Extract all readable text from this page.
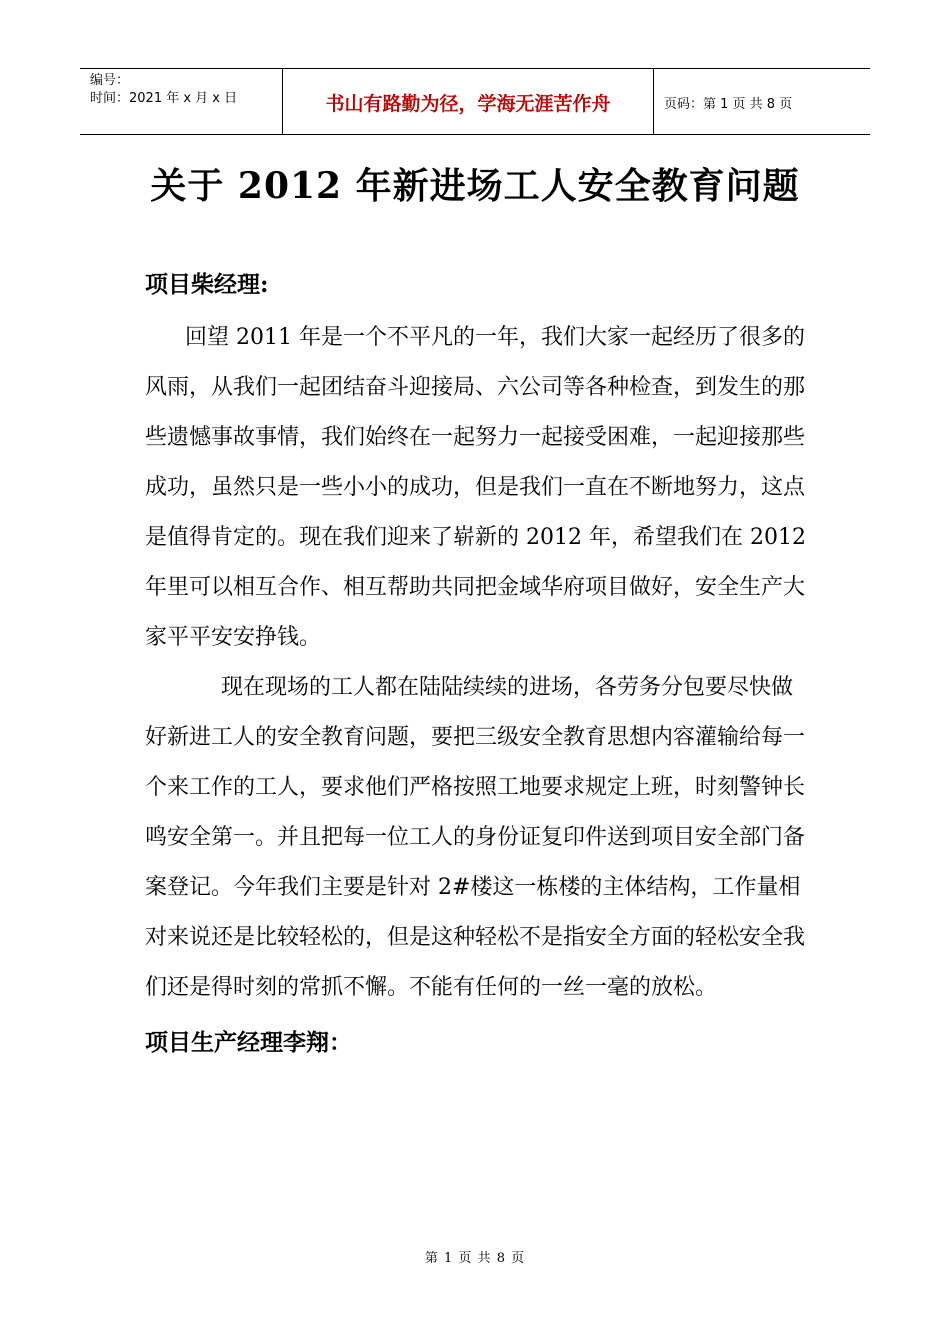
编号：
时间：2021 年 x 月 x 日	书山有路勤为径，学海无涯苦作舟	页码：第 1 页 共 8 页
关于 2012 年新进场工人安全教育问题
项目柴经理:

回望 2011 年是一个不平凡的一年，我们大家一起经历了很多的风雨，从我们一起团结奋斗迎接局、六公司等各种检查，到发生的那些遗憾事故事情，我们始终在一起努力一起接受困难，一起迎接那些成功，虽然只是一些小小的成功，但是我们一直在不断地努力，这点是值得肯定的。现在我们迎来了崭新的 2012 年，希望我们在 2012 年里可以相互合作、相互帮助共同把金域华府项目做好，安全生产大家平平安安挣钱。

现在现场的工人都在陆陆续续的进场，各劳务分包要尽快做好新进工人的安全教育问题，要把三级安全教育思想内容灌输给每一个来工作的工人，要求他们严格按照工地要求规定上班，时刻警钟长鸣安全第一。并且把每一位工人的身份证复印件送到项目安全部门备案登记。今年我们主要是针对 2#楼这一栋楼的主体结构，工作量相对来说还是比较轻松的，但是这种轻松不是指安全方面的轻松安全我们还是得时刻的常抓不懈。不能有任何的一丝一毫的放松。

项目生产经理李翔：
第 1 页 共 8 页
